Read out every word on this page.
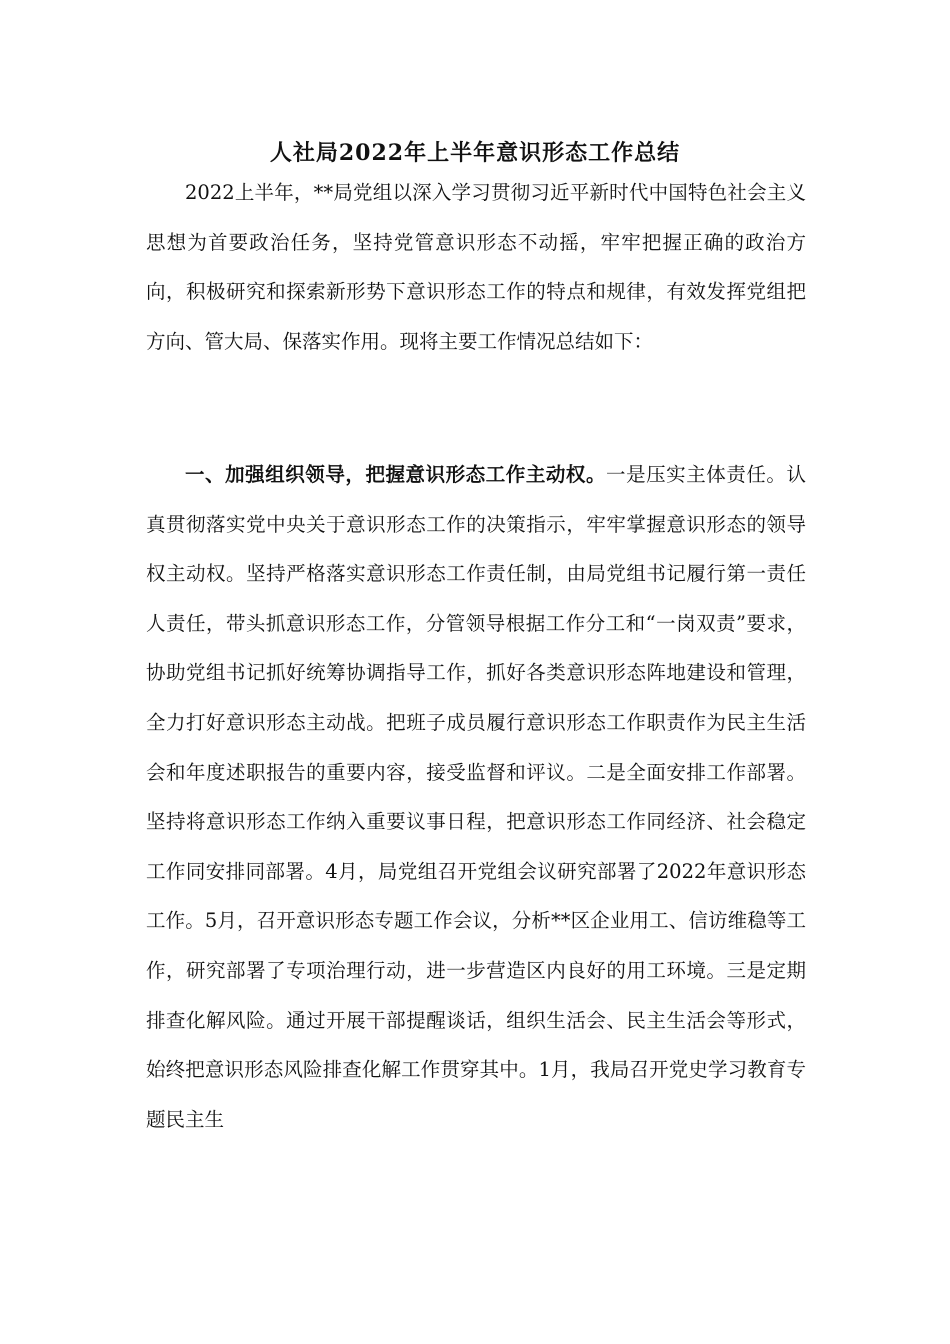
人社局2022年上半年意识形态工作总结

2022上半年，**局党组以深入学习贯彻习近平新时代中国特色社会主义思想为首要政治任务，坚持党管意识形态不动摇，牢牢把握正确的政治方向，积极研究和探索新形势下意识形态工作的特点和规律，有效发挥党组把方向、管大局、保落实作用。现将主要工作情况总结如下：

一、加强组织领导，把握意识形态工作主动权。一是压实主体责任。认真贯彻落实党中央关于意识形态工作的决策指示，牢牢掌握意识形态的领导权主动权。坚持严格落实意识形态工作责任制，由局党组书记履行第一责任人责任，带头抓意识形态工作，分管领导根据工作分工和“一岗双责”要求，协助党组书记抓好统筹协调指导工作，抓好各类意识形态阵地建设和管理，全力打好意识形态主动战。把班子成员履行意识形态工作职责作为民主生活会和年度述职报告的重要内容，接受监督和评议。二是全面安排工作部署。坚持将意识形态工作纳入重要议事日程，把意识形态工作同经济、社会稳定工作同安排同部署。4月，局党组召开党组会议研究部署了2022年意识形态工作。5月，召开意识形态专题工作会议，分析**区企业用工、信访维稳等工作，研究部署了专项治理行动，进一步营造区内良好的用工环境。三是定期排查化解风险。通过开展干部提醒谈话，组织生活会、民主生活会等形式，始终把意识形态风险排查化解工作贯穿其中。1月，我局召开党史学习教育专题民主生
